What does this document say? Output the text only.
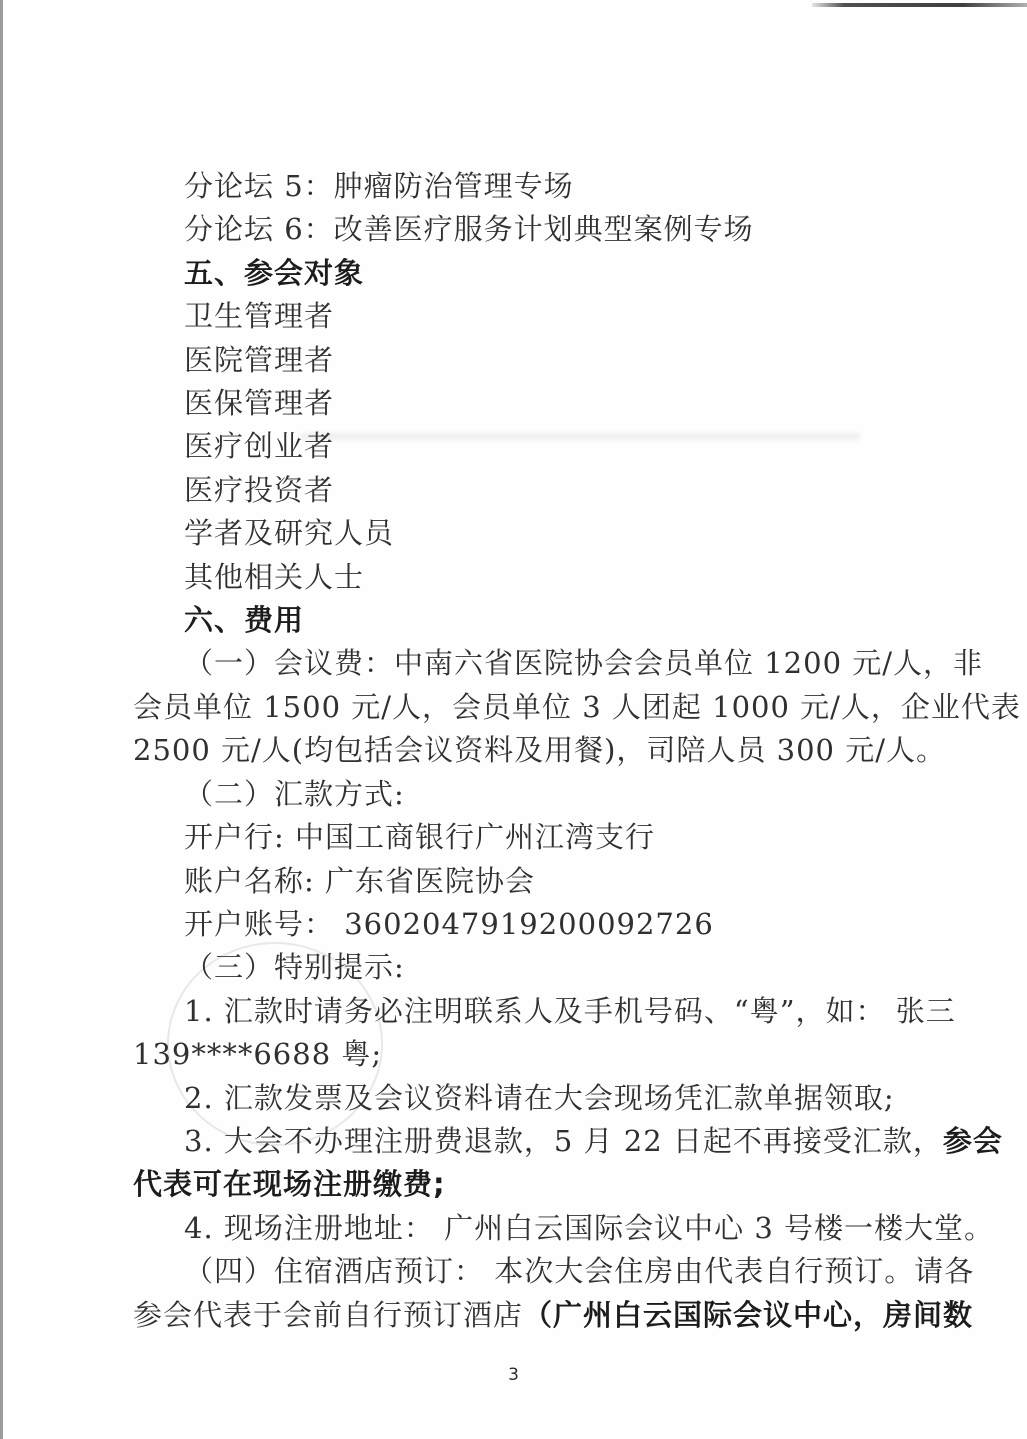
分论坛 5：肿瘤防治管理专场
分论坛 6：改善医疗服务计划典型案例专场
五、参会对象
卫生管理者
医院管理者
医保管理者
医疗创业者
医疗投资者
学者及研究人员
其他相关人士
六、费用
（一）会议费：中南六省医院协会会员单位 1200 元/人，非
会员单位 1500 元/人，会员单位 3 人团起 1000 元/人，企业代表
2500 元/人(均包括会议资料及用餐)，司陪人员 300 元/人。
（二）汇款方式:
开户行: 中国工商银行广州江湾支行
账户名称: 广东省医院协会
开户账号： 3602047919200092726
（三）特别提示:
1. 汇款时请务必注明联系人及手机号码、“粤”，如： 张三
139****6688 粤;
2. 汇款发票及会议资料请在大会现场凭汇款单据领取;
3. 大会不办理注册费退款，5 月 22 日起不再接受汇款，参会
代表可在现场注册缴费;
4. 现场注册地址： 广州白云国际会议中心 3 号楼一楼大堂。
（四）住宿酒店预订： 本次大会住房由代表自行预订。请各
参会代表于会前自行预订酒店（广州白云国际会议中心，房间数
3
